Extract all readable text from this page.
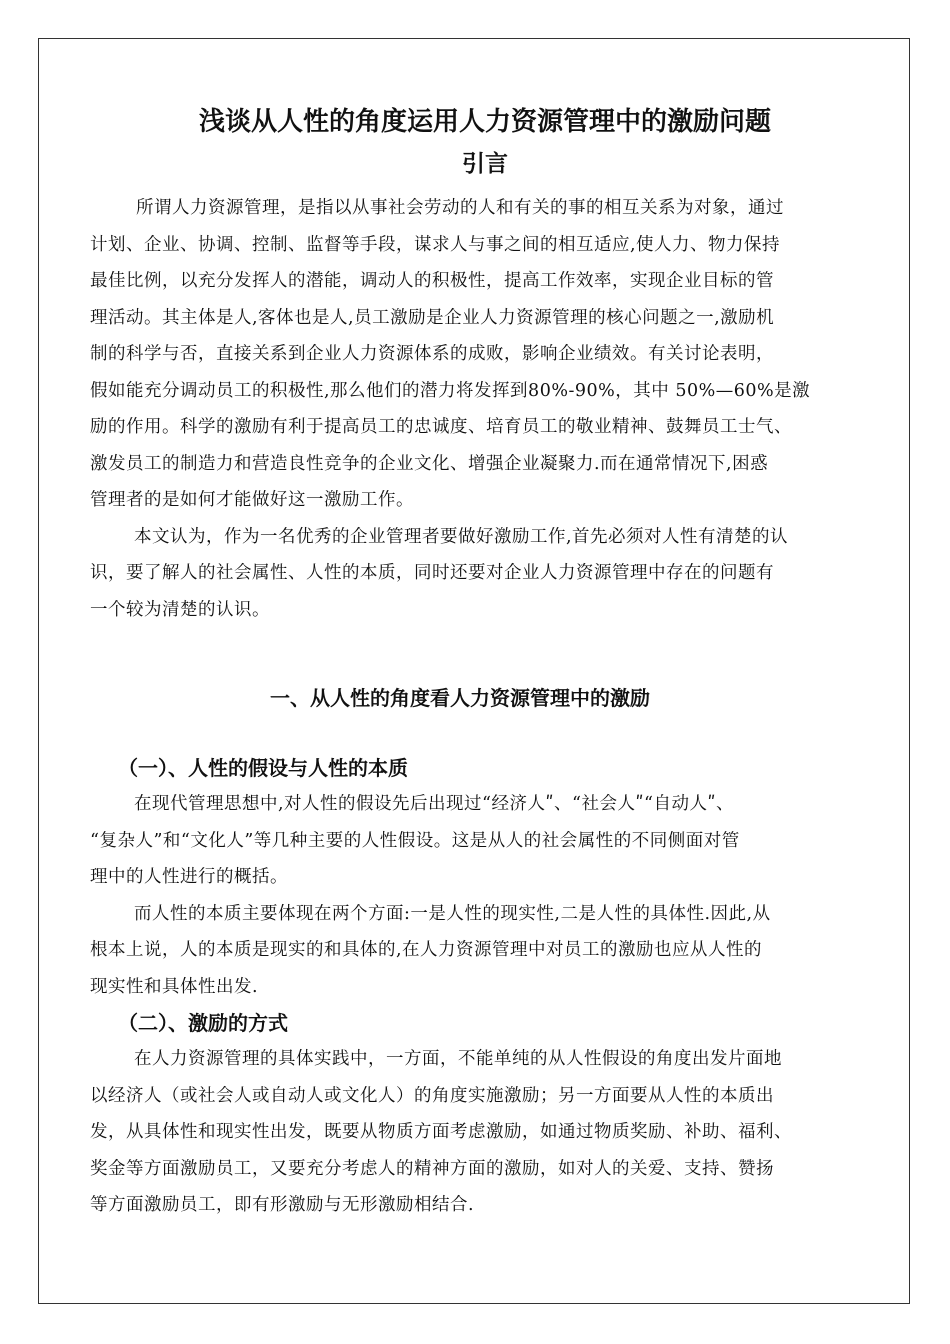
浅谈从人性的角度运用人力资源管理中的激励问题
引言

所谓人力资源管理，是指以从事社会劳动的人和有关的事的相互关系为对象，通过
计划、企业、协调、控制、监督等手段，谋求人与事之间的相互适应,使人力、物力保持
最佳比例，以充分发挥人的潜能，调动人的积极性，提高工作效率，实现企业目标的管
理活动。其主体是人,客体也是人,员工激励是企业人力资源管理的核心问题之一,激励机
制的科学与否，直接关系到企业人力资源体系的成败，影响企业绩效。有关讨论表明，
假如能充分调动员工的积极性,那么他们的潜力将发挥到80%-90%，其中 50%—60%是激
励的作用。科学的激励有利于提高员工的忠诚度、培育员工的敬业精神、鼓舞员工士气、
激发员工的制造力和营造良性竞争的企业文化、增强企业凝聚力.而在通常情况下,困惑
管理者的是如何才能做好这一激励工作。

本文认为，作为一名优秀的企业管理者要做好激励工作,首先必须对人性有清楚的认
识，要了解人的社会属性、人性的本质，同时还要对企业人力资源管理中存在的问题有
一个较为清楚的认识。

一、从人性的角度看人力资源管理中的激励
（一）、人性的假设与人性的本质

在现代管理思想中,对人性的假设先后出现过“经济人ʺ、“社会人ʺ“自动人ʺ、
“复杂人”和“文化人”等几种主要的人性假设。这是从人的社会属性的不同侧面对管
理中的人性进行的概括。

而人性的本质主要体现在两个方面:一是人性的现实性,二是人性的具体性.因此,从
根本上说，人的本质是现实的和具体的,在人力资源管理中对员工的激励也应从人性的
现实性和具体性出发.

（二）、激励的方式

在人力资源管理的具体实践中，一方面，不能单纯的从人性假设的角度出发片面地
以经济人（或社会人或自动人或文化人）的角度实施激励；另一方面要从人性的本质出
发，从具体性和现实性出发，既要从物质方面考虑激励，如通过物质奖励、补助、福利、
奖金等方面激励员工，又要充分考虑人的精神方面的激励，如对人的关爱、支持、赞扬
等方面激励员工，即有形激励与无形激励相结合.
